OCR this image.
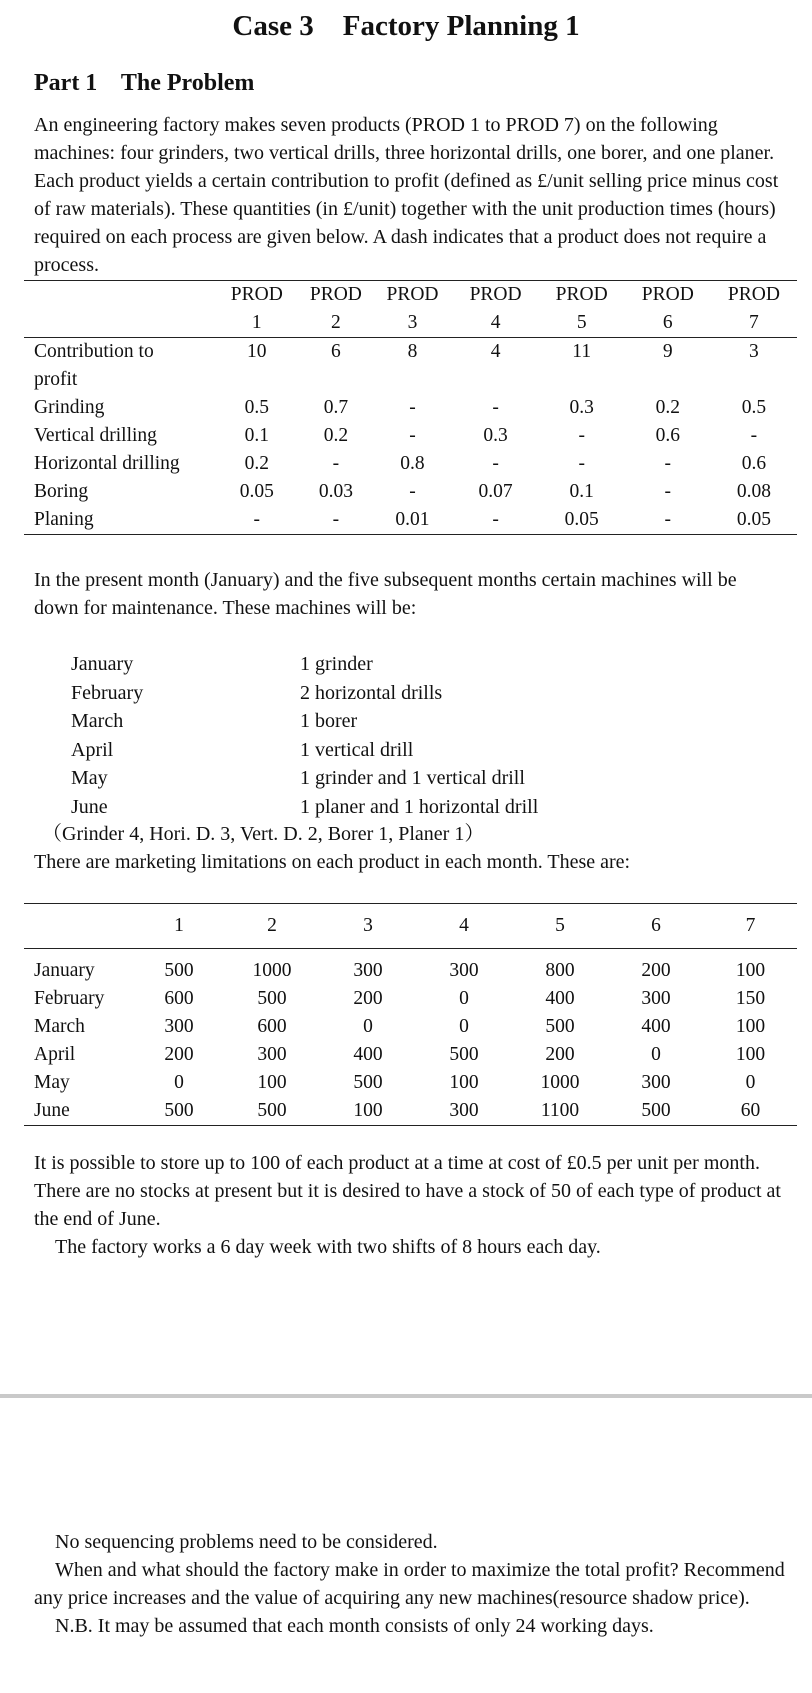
Case 3    Factory Planning 1
Part 1    The Problem
An engineering factory makes seven products (PROD 1 to PROD 7) on the following machines: four grinders, two vertical drills, three horizontal drills, one borer, and one planer. Each product yields a certain contribution to profit (defined as £/unit selling price minus cost of raw materials). These quantities (in £/unit) together with the unit production times (hours) required on each process are given below. A dash indicates that a product does not require a process.
	PROD	PROD	PROD	PROD	PROD	PROD	PROD
	1	2	3	4	5	6	7
Contribution to profit	10	6	8	4	11	9	3
Grinding	0.5	0.7	-	-	0.3	0.2	0.5
Vertical drilling	0.1	0.2	-	0.3	-	0.6	-
Horizontal drilling	0.2	-	0.8	-	-	-	0.6
Boring	0.05	0.03	-	0.07	0.1	-	0.08
Planing	-	-	0.01	-	0.05	-	0.05
In the present month (January) and the five subsequent months certain machines will be down for maintenance. These machines will be:
January	1 grinder
February	2 horizontal drills
March	1 borer
April	1 vertical drill
May	1 grinder and 1 vertical drill
June	1 planer and 1 horizontal drill
（Grinder 4, Hori. D. 3, Vert. D. 2, Borer 1, Planer 1）
There are marketing limitations on each product in each month. These are:
	1	2	3	4	5	6	7
January	500	1000	300	300	800	200	100
February	600	500	200	0	400	300	150
March	300	600	0	0	500	400	100
April	200	300	400	500	200	0	100
May	0	100	500	100	1000	300	0
June	500	500	100	300	1100	500	60
It is possible to store up to 100 of each product at a time at cost of £0.5 per unit per month. There are no stocks at present but it is desired to have a stock of 50 of each type of product at the end of June.
The factory works a 6 day week with two shifts of 8 hours each day.
No sequencing problems need to be considered.
When and what should the factory make in order to maximize the total profit? Recommend any price increases and the value of acquiring any new machines(resource shadow price).
N.B. It may be assumed that each month consists of only 24 working days.
